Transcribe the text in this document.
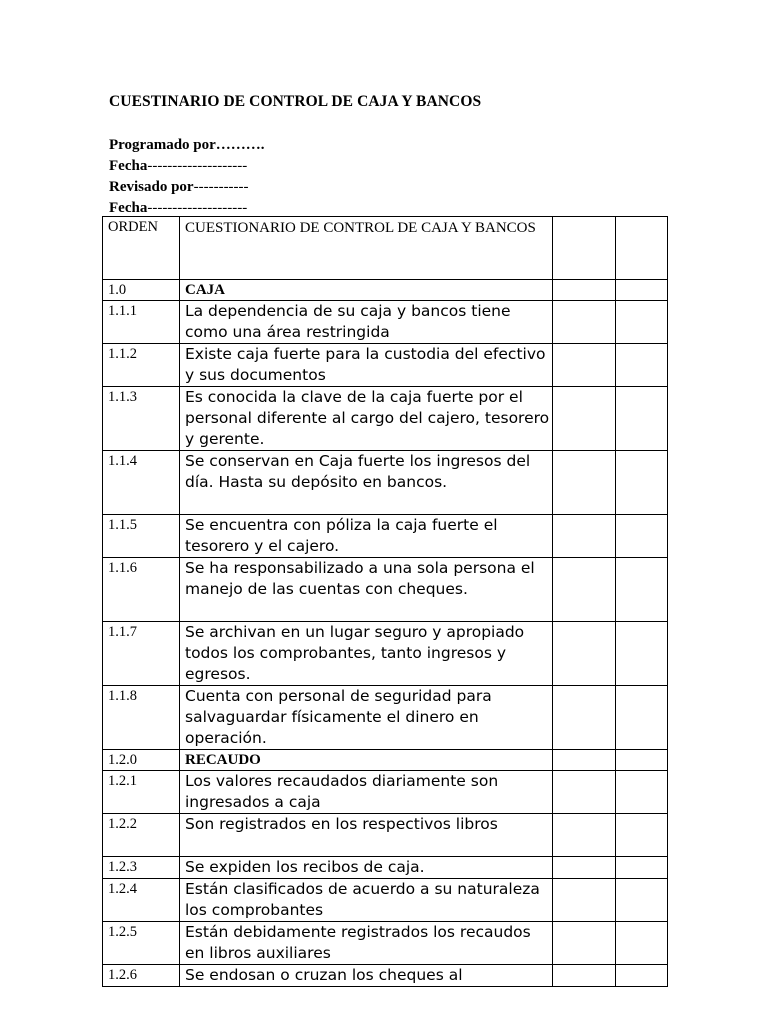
CUESTINARIO DE CONTROL DE CAJA Y BANCOS
Programado por……….
Fecha--------------------
Revisado por-----------
Fecha--------------------
ORDEN	CUESTIONARIO DE CONTROL DE CAJA Y BANCOS		
1.0	CAJA		
1.1.1	La dependencia de su caja y bancos tiene como una área restringida		
1.1.2	Existe caja fuerte para la custodia del efectivo y sus documentos		
1.1.3	Es conocida la clave de la caja fuerte por el personal diferente al cargo del cajero, tesorero y gerente.		
1.1.4	Se conservan en Caja fuerte los ingresos del día. Hasta su depósito en bancos.		
1.1.5	Se encuentra con póliza la caja fuerte el tesorero y el cajero.		
1.1.6	Se ha responsabilizado a una sola persona el manejo de las cuentas con cheques.		
1.1.7	Se archivan en un lugar seguro y apropiado todos los comprobantes, tanto ingresos y egresos.		
1.1.8	Cuenta con personal de seguridad para salvaguardar físicamente el dinero en operación.		
1.2.0	RECAUDO		
1.2.1	Los valores recaudados diariamente son ingresados a caja		
1.2.2	Son registrados en los respectivos libros		
1.2.3	Se expiden los recibos de caja.		
1.2.4	Están clasificados de acuerdo a su naturaleza los comprobantes		
1.2.5	Están debidamente registrados los recaudos en libros auxiliares		
1.2.6	Se endosan o cruzan los cheques al		
